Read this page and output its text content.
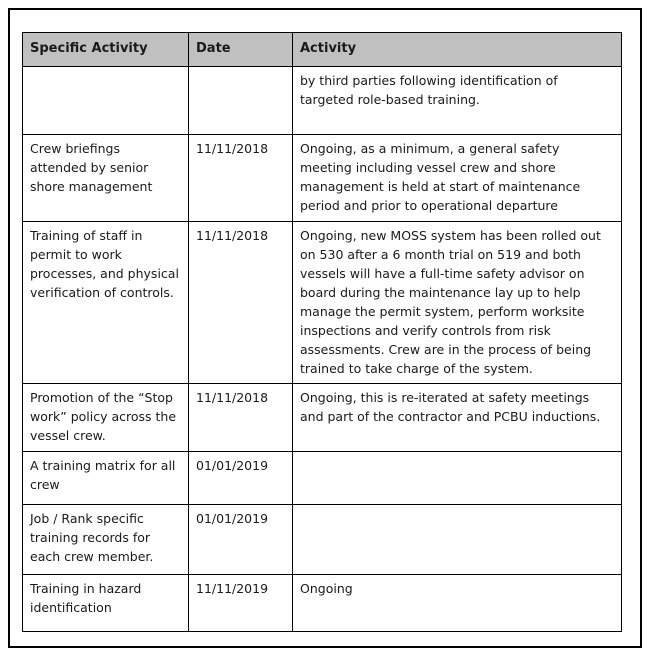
Specific Activity	Date	Activity
		by third parties following identification of targeted role-based training.
Crew briefings attended by senior shore management	11/11/2018	Ongoing, as a minimum, a general safety meeting including vessel crew and shore management is held at start of maintenance period and prior to operational departure
Training of staff in permit to work processes, and physical verification of controls.	11/11/2018	Ongoing, new MOSS system has been rolled out on 530 after a 6 month trial on 519 and both vessels will have a full-time safety advisor on board during the maintenance lay up to help manage the permit system, perform worksite inspections and verify controls from risk assessments. Crew are in the process of being trained to take charge of the system.
Promotion of the “Stop work” policy across the vessel crew.	11/11/2018	Ongoing, this is re-iterated at safety meetings and part of the contractor and PCBU inductions.
A training matrix for all crew	01/01/2019	
Job / Rank specific training records for each crew member.	01/01/2019	
Training in hazard identification	11/11/2019	Ongoing
